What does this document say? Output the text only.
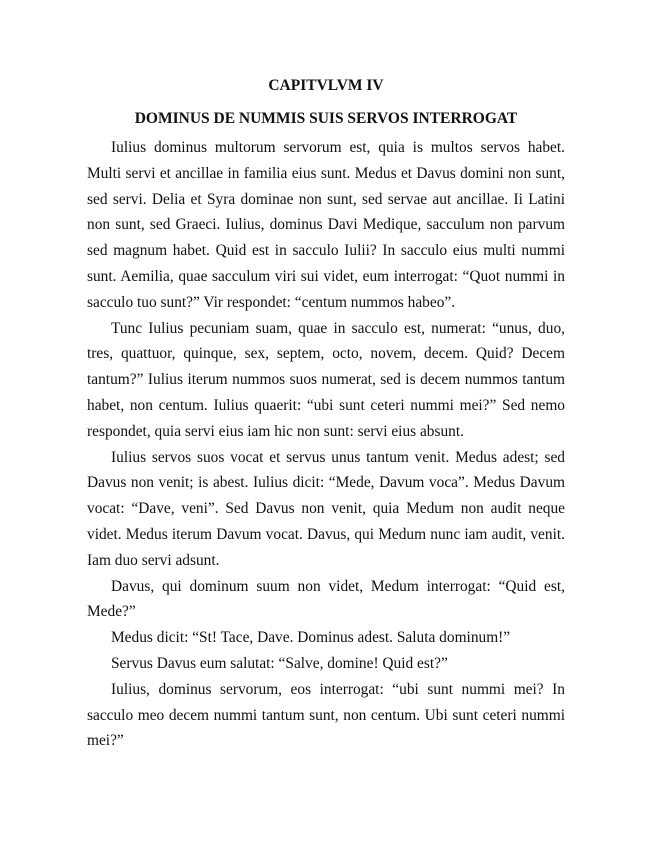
CAPITVLVM IV
DOMINUS DE NUMMIS SUIS SERVOS INTERROGAT

Iulius dominus multorum servorum est, quia is multos servos habet. Multi servi et ancillae in familia eius sunt. Medus et Davus domini non sunt, sed servi. Delia et Syra dominae non sunt, sed servae aut ancillae. Ii Latini non sunt, sed Graeci. Iulius, dominus Davi Medique, sacculum non parvum sed magnum habet. Quid est in sacculo Iulii? In sacculo eius multi nummi sunt. Aemilia, quae sacculum viri sui videt, eum interrogat: “Quot nummi in sacculo tuo sunt?” Vir respondet: “centum nummos habeo”.

Tunc Iulius pecuniam suam, quae in sacculo est, numerat: “unus, duo, tres, quattuor, quinque, sex, septem, octo, novem, decem. Quid? Decem tantum?” Iulius iterum nummos suos numerat, sed is decem nummos tantum habet, non centum. Iulius quaerit: “ubi sunt ceteri nummi mei?” Sed nemo respondet, quia servi eius iam hic non sunt: servi eius absunt.

Iulius servos suos vocat et servus unus tantum venit. Medus adest; sed Davus non venit; is abest. Iulius dicit: “Mede, Davum voca”. Medus Davum vocat: “Dave, veni”. Sed Davus non venit, quia Medum non audit neque videt. Medus iterum Davum vocat. Davus, qui Medum nunc iam audit, venit. Iam duo servi adsunt.

Davus, qui dominum suum non videt, Medum interrogat: “Quid est, Mede?”

Medus dicit: “St! Tace, Dave. Dominus adest. Saluta dominum!”

Servus Davus eum salutat: “Salve, domine! Quid est?”

Iulius, dominus servorum, eos interrogat: “ubi sunt nummi mei? In sacculo meo decem nummi tantum sunt, non centum. Ubi sunt ceteri nummi mei?”
